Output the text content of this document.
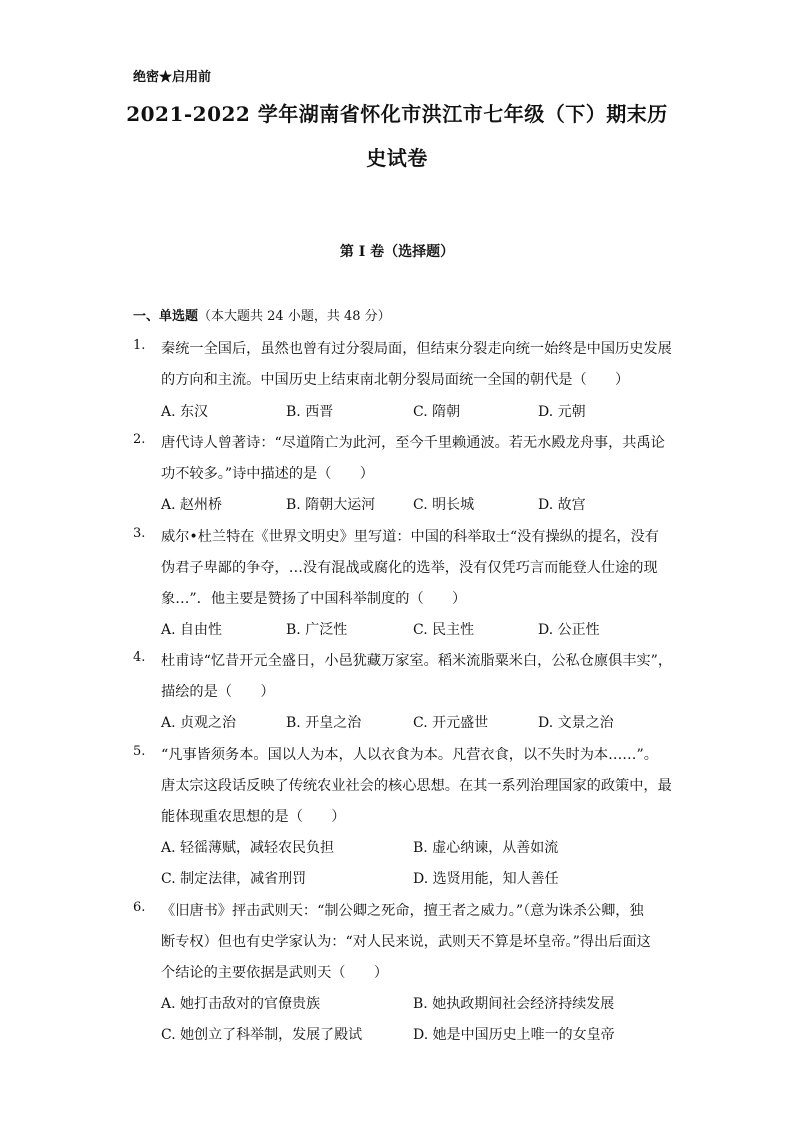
绝密★启用前
2021-2022 学年湖南省怀化市洪江市七年级（下）期末历
史试卷
第 I 卷（选择题）
一、单选题（本大题共 24 小题，共 48 分）
1.	秦统一全国后，虽然也曾有过分裂局面，但结束分裂走向统一始终是中国历史发展
的方向和主流。中国历史上结束南北朝分裂局面统一全国的朝代是（　　）
A. 东汉	B. 西晋	C. 隋朝	D. 元朝
2.	唐代诗人曾著诗：“尽道隋亡为此河，至今千里赖通波。若无水殿龙舟事，共禹论
功不较多。”诗中描述的是（　　）
A. 赵州桥	B. 隋朝大运河	C. 明长城	D. 故宫
3.	威尔•杜兰特在《世界文明史》里写道：中国的科举取士“没有操纵的提名，没有
伪君子卑鄙的争夺，…没有混战或腐化的选举，没有仅凭巧言而能登人仕途的现
象…”．他主要是赞扬了中国科举制度的（　　）
A. 自由性	B. 广泛性	C. 民主性	D. 公正性
4.	杜甫诗“忆昔开元全盛日，小邑犹藏万家室。稻米流脂粟米白，公私仓廪俱丰实”，
描绘的是（　　）
A. 贞观之治	B. 开皇之治	C. 开元盛世	D. 文景之治
5.	“凡事皆须务本。国以人为本，人以衣食为本。凡营衣食，以不失时为本……”。
唐太宗这段话反映了传统农业社会的核心思想。在其一系列治理国家的政策中，最
能体现重农思想的是（　　）
A. 轻徭薄赋，减轻农民负担	B. 虚心纳谏，从善如流
C. 制定法律，减省刑罚	D. 选贤用能，知人善任
6.	《旧唐书》抨击武则天：“制公卿之死命，擅王者之威力。”（意为诛杀公卿，独
断专权）但也有史学家认为：“对人民来说，武则天不算是坏皇帝。”得出后面这
个结论的主要依据是武则天（　　）
A. 她打击敌对的官僚贵族	B. 她执政期间社会经济持续发展
C. 她创立了科举制，发展了殿试	D. 她是中国历史上唯一的女皇帝
